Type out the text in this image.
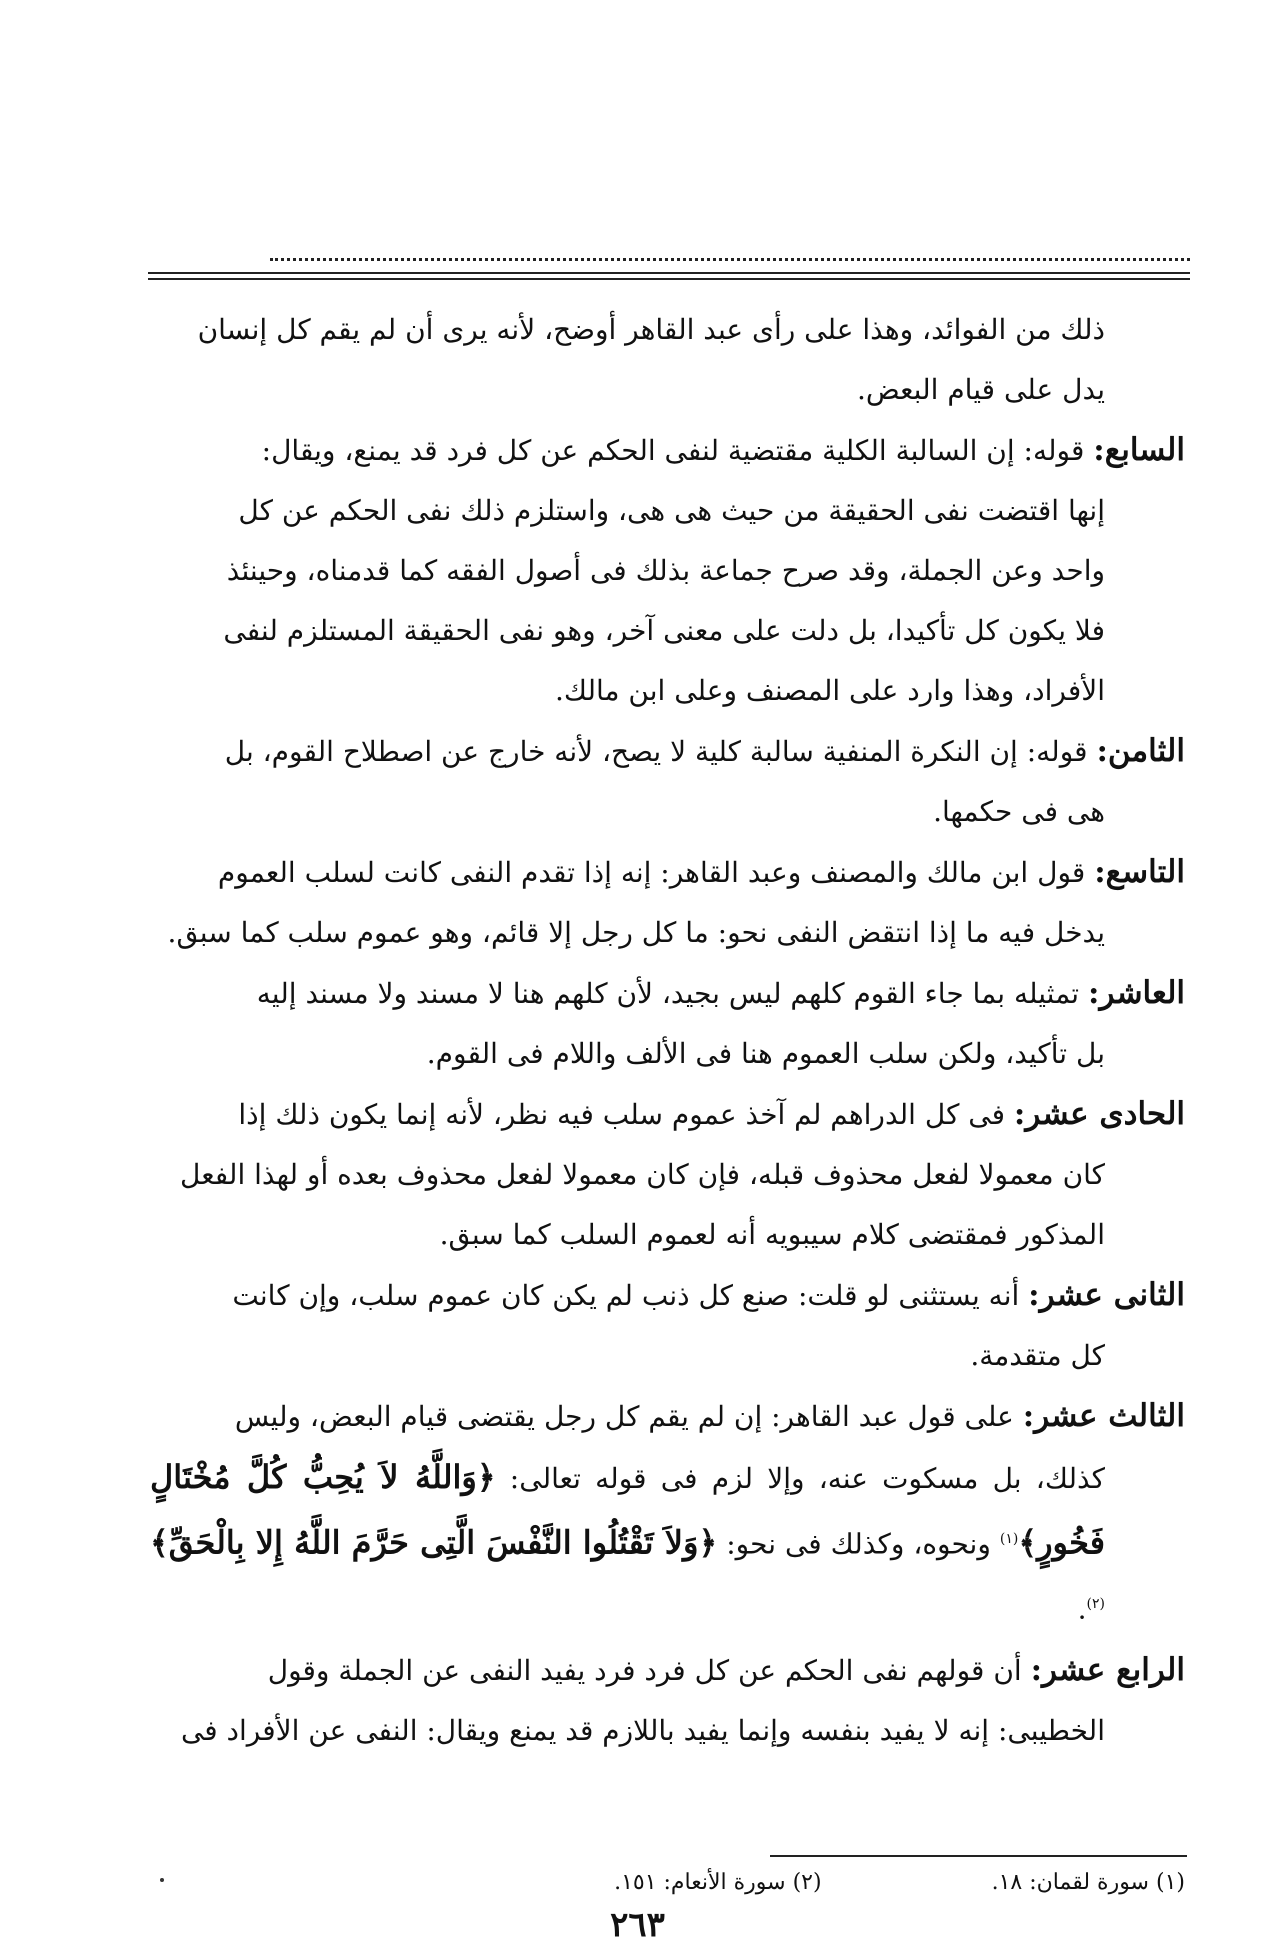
ذلك من الفوائد، وهذا على رأى عبد القاهر أوضح، لأنه يرى أن لم يقم كل إنسان
يدل على قيام البعض.

السابع: قوله: إن السالبة الكلية مقتضية لنفى الحكم عن كل فرد قد يمنع، ويقال:

إنها اقتضت نفى الحقيقة من حيث هى هى، واستلزم ذلك نفى الحكم عن كل
واحد وعن الجملة، وقد صرح جماعة بذلك فى أصول الفقه كما قدمناه، وحينئذ
فلا يكون كل تأكيدا، بل دلت على معنى آخر، وهو نفى الحقيقة المستلزم لنفى
الأفراد، وهذا وارد على المصنف وعلى ابن مالك.

الثامن: قوله: إن النكرة المنفية سالبة كلية لا يصح، لأنه خارج عن اصطلاح القوم، بل

هى فى حكمها.

التاسع: قول ابن مالك والمصنف وعبد القاهر: إنه إذا تقدم النفى كانت لسلب العموم

يدخل فيه ما إذا انتقض النفى نحو: ما كل رجل إلا قائم، وهو عموم سلب كما سبق.

العاشر: تمثيله بما جاء القوم كلهم ليس بجيد، لأن كلهم هنا لا مسند ولا مسند إليه

بل تأكيد، ولكن سلب العموم هنا فى الألف واللام فى القوم.

الحادى عشر: فى كل الدراهم لم آخذ عموم سلب فيه نظر، لأنه إنما يكون ذلك إذا

كان معمولا لفعل محذوف قبله، فإن كان معمولا لفعل محذوف بعده أو لهذا الفعل
المذكور فمقتضى كلام سيبويه أنه لعموم السلب كما سبق.

الثانى عشر: أنه يستثنى لو قلت: صنع كل ذنب لم يكن كان عموم سلب، وإن كانت

كل متقدمة.

الثالث عشر: على قول عبد القاهر: إن لم يقم كل رجل يقتضى قيام البعض، وليس

كذلك، بل مسكوت عنه، وإلا لزم فى قوله تعالى: ﴿وَاللَّهُ لاَ يُحِبُّ كُلَّ مُخْتَالٍ فَخُورٍ﴾$^{(١)}$ ونحوه، وكذلك فى نحو: ﴿وَلاَ تَقْتُلُوا النَّفْسَ الَّتِى حَرَّمَ اللَّهُ إِلا بِالْحَقِّ﴾$^{(٢)}$.

الرابع عشر: أن قولهم نفى الحكم عن كل فرد فرد يفيد النفى عن الجملة وقول

الخطيبى: إنه لا يفيد بنفسه وإنما يفيد باللازم قد يمنع ويقال: النفى عن الأفراد فى

(١) سورة لقمان: ١٨.
(٢) سورة الأنعام: ١٥١.
٢٦٣
